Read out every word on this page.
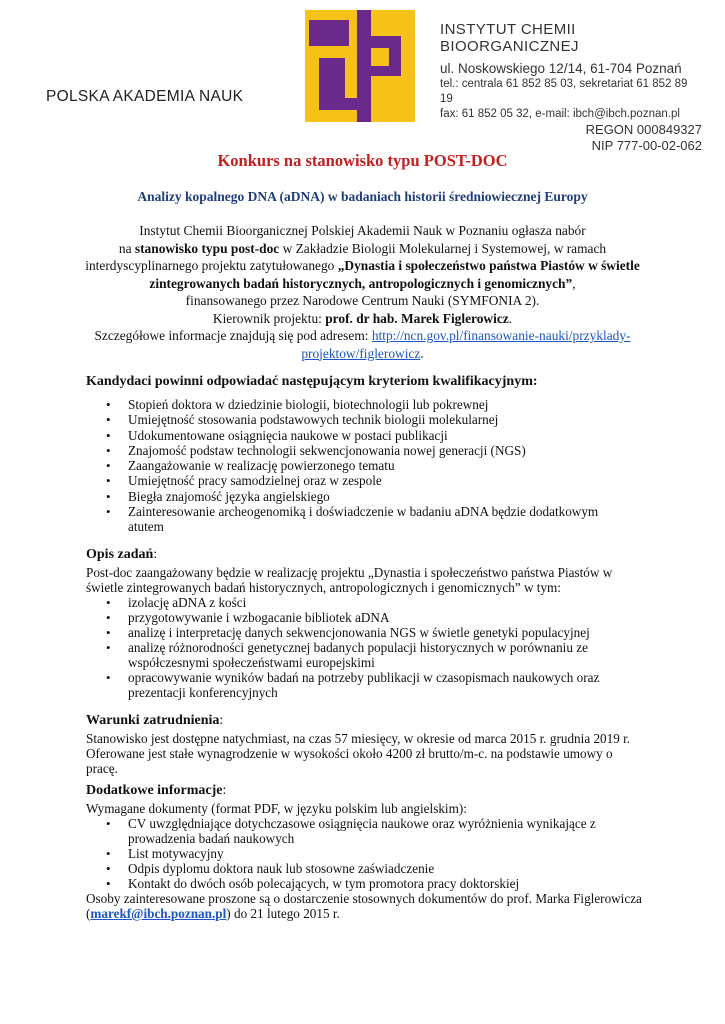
POLSKA AKADEMIA NAUK
INSTYTUT CHEMII BIOORGANICZNEJ
ul. Noskowskiego 12/14, 61-704 Poznań
tel.: centrala 61 852 85 03, sekretariat 61 852 89 19
fax: 61 852 05 32, e-mail: ibch@ibch.poznan.pl
REGON 000849327
NIP 777-00-02-062
Konkurs na stanowisko typu POST-DOC
Analizy kopalnego DNA (aDNA) w badaniach historii średniowiecznej Europy
Instytut Chemii Bioorganicznej Polskiej Akademii Nauk w Poznaniu ogłasza nabór
na stanowisko typu post-doc w Zakładzie Biologii Molekularnej i Systemowej, w ramach
interdyscyplinarnego projektu zatytułowanego „Dynastia i społeczeństwo państwa Piastów w świetle zintegrowanych badań historycznych, antropologicznych i genomicznych”,
finansowanego przez Narodowe Centrum Nauki (SYMFONIA 2).
Kierownik projektu: prof. dr hab. Marek Figlerowicz.
Szczegółowe informacje znajdują się pod adresem: http://ncn.gov.pl/finansowanie-nauki/przyklady-projektow/figlerowicz.
Kandydaci powinni odpowiadać następującym kryteriom kwalifikacyjnym:
• Stopień doktora w dziedzinie biologii, biotechnologii lub pokrewnej
• Umiejętność stosowania podstawowych technik biologii molekularnej
• Udokumentowane osiągnięcia naukowe w postaci publikacji
• Znajomość podstaw technologii sekwencjonowania nowej generacji (NGS)
• Zaangażowanie w realizację powierzonego tematu
• Umiejętność pracy samodzielnej oraz w zespole
• Biegła znajomość języka angielskiego
• Zainteresowanie archeogenomiką i doświadczenie w badaniu aDNA będzie dodatkowym atutem
Opis zadań:

Post-doc zaangażowany będzie w realizację projektu „Dynastia i społeczeństwo państwa Piastów w świetle zintegrowanych badań historycznych, antropologicznych i genomicznych” w tym:

• izolację aDNA z kości
• przygotowywanie i wzbogacanie bibliotek aDNA
• analizę i interpretację danych sekwencjonowania NGS w świetle genetyki populacyjnej
• analizę różnorodności genetycznej badanych populacji historycznych w porównaniu ze współczesnymi społeczeństwami europejskimi
• opracowywanie wyników badań na potrzeby publikacji w czasopismach naukowych oraz prezentacji konferencyjnych
Warunki zatrudnienia:

Stanowisko jest dostępne natychmiast, na czas 57 miesięcy, w okresie od marca 2015 r. grudnia 2019 r. Oferowane jest stałe wynagrodzenie w wysokości około 4200 zł brutto/m-c. na podstawie umowy o pracę.

Dodatkowe informacje:

Wymagane dokumenty (format PDF, w języku polskim lub angielskim):

• CV uwzględniające dotychczasowe osiągnięcia naukowe oraz wyróżnienia wynikające z prowadzenia badań naukowych
• List motywacyjny
• Odpis dyplomu doktora nauk lub stosowne zaświadczenie
• Kontakt do dwóch osób polecających, w tym promotora pracy doktorskiej

Osoby zainteresowane proszone są o dostarczenie stosownych dokumentów do prof. Marka Figlerowicza (marekf@ibch.poznan.pl) do 21 lutego 2015 r.
